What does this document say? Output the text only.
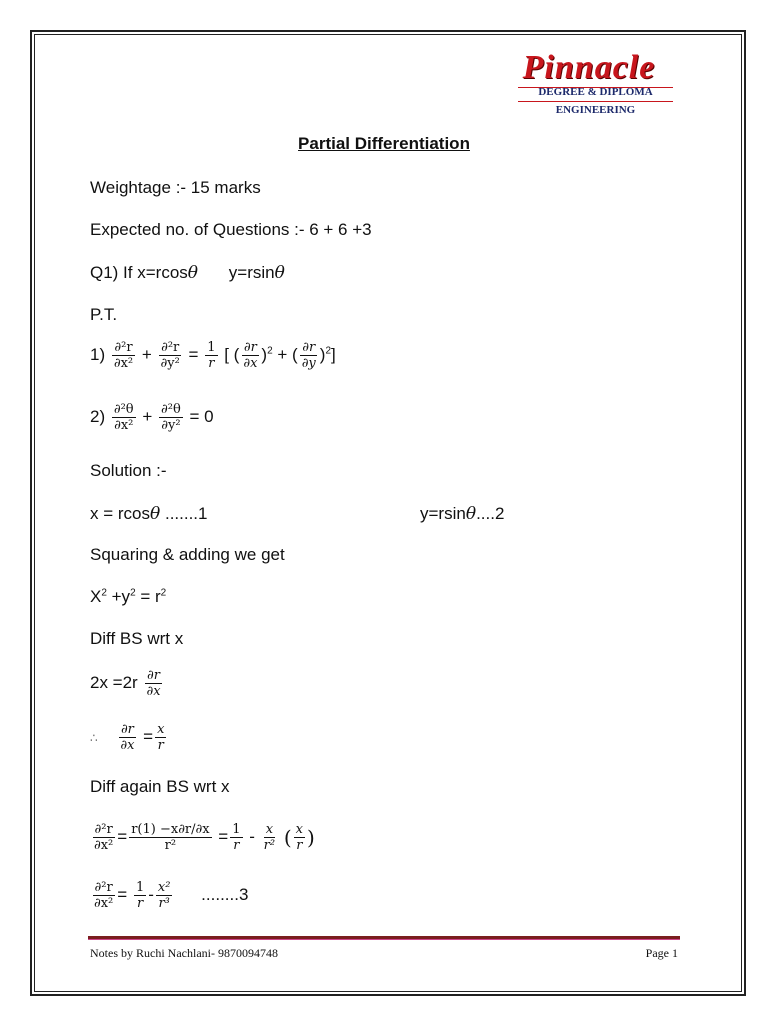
Pinnacle
DEGREE & DIPLOMA
ENGINEERING
Partial Differentiation
Weightage :- 15 marks
Expected no. of Questions :- 6 + 6 +3
Q1) If x=rcosθ y=rsinθ
P.T.
$1) \frac{\text{∂²r}}{\text{∂x²}} + \frac{\text{∂²r}}{\text{∂y²}} = \frac{1}{r}$ [ ( $\frac{\partial r}{\partial x} )^2$ + ( $\frac{\partial r}{\partial y} )^2$]
$2) \frac{\text{∂²θ}}{\text{∂x²}} + \frac{\text{∂²θ}}{\text{∂y²}} = 0$
Solution :-
x = rcosθ .......1	y=rsinθ....2
Squaring & adding we get
$X^2 +y^2 = r^2$
Diff BS wrt x
$2x =2r \frac{\partial r}{\partial x}$
∴ $\frac{\partial r}{\partial x} = \frac{x}{r}$
Diff again BS wrt x
$\frac{\text{∂²r}}{\text{∂x²}} = \frac{r(1) -x\partial r/\partial x}{\text{r²}} = \frac{1}{r} - \frac{x}{\text{r²}}$ ( $\frac{x}{r}$ )
$\frac{\text{∂²r}}{\text{∂x²}} = \frac{1}{r} - \frac{\text{x²}}{\text{r³}} ........3$
Notes by Ruchi Nachlani- 9870094748	Page 1
